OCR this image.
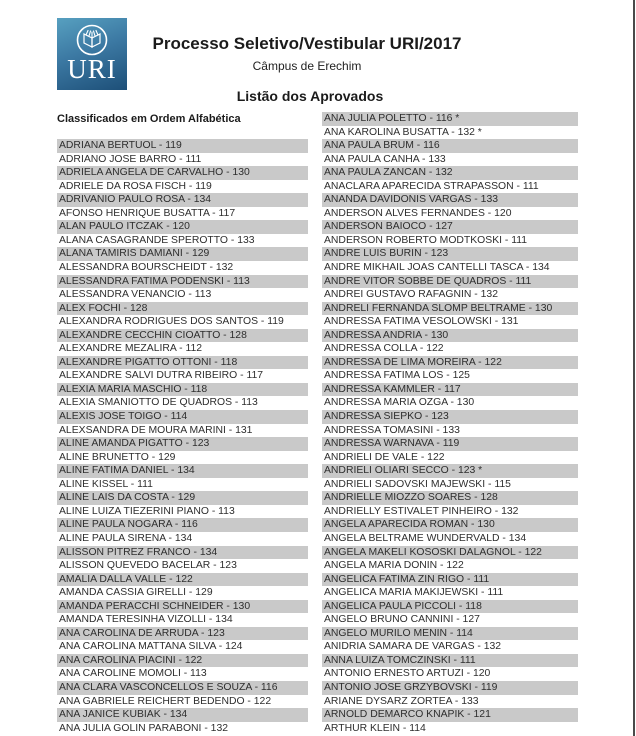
URI
Processo Seletivo/Vestibular URI/2017
Câmpus de Erechim
Listão dos Aprovados
Classificados em Ordem Alfabética
ADRIANA BERTUOL - 119
ADRIANO JOSE BARRO - 111
ADRIELA ANGELA DE CARVALHO - 130
ADRIELE DA ROSA FISCH - 119
ADRIVANIO PAULO ROSA - 134
AFONSO HENRIQUE BUSATTA - 117
ALAN PAULO ITCZAK - 120
ALANA CASAGRANDE SPEROTTO - 133
ALANA TAMIRIS DAMIANI - 129
ALESSANDRA BOURSCHEIDT - 132
ALESSANDRA FATIMA PODENSKI - 113
ALESSANDRA VENANCIO - 113
ALEX FOCHI - 128
ALEXANDRA RODRIGUES DOS SANTOS - 119
ALEXANDRE CECCHIN CIOATTO - 128
ALEXANDRE MEZALIRA - 112
ALEXANDRE PIGATTO OTTONI - 118
ALEXANDRE SALVI DUTRA RIBEIRO - 117
ALEXIA MARIA MASCHIO - 118
ALEXIA SMANIOTTO DE QUADROS - 113
ALEXIS JOSE TOIGO - 114
ALEXSANDRA DE MOURA MARINI - 131
ALINE AMANDA PIGATTO - 123
ALINE BRUNETTO - 129
ALINE FATIMA DANIEL - 134
ALINE KISSEL - 111
ALINE LAIS DA COSTA - 129
ALINE LUIZA TIEZERINI PIANO - 113
ALINE PAULA NOGARA - 116
ALINE PAULA SIRENA - 134
ALISSON PITREZ FRANCO - 134
ALISSON QUEVEDO BACELAR - 123
AMALIA DALLA VALLE - 122
AMANDA CASSIA GIRELLI - 129
AMANDA PERACCHI SCHNEIDER - 130
AMANDA TERESINHA VIZOLLI - 134
ANA CAROLINA DE ARRUDA - 123
ANA CAROLINA MATTANA SILVA - 124
ANA CAROLINA PIACINI - 122
ANA CAROLINE MOMOLI - 113
ANA CLARA VASCONCELLOS E SOUZA - 116
ANA GABRIELE REICHERT BEDENDO - 122
ANA JANICE KUBIAK - 134
ANA JULIA GOLIN PARABONI - 132
ANA JULIA POLETTO - 116 *
ANA KAROLINA BUSATTA - 132 *
ANA PAULA BRUM - 116
ANA PAULA CANHA - 133
ANA PAULA ZANCAN - 132
ANACLARA APARECIDA STRAPASSON - 111
ANANDA DAVIDONIS VARGAS - 133
ANDERSON ALVES FERNANDES - 120
ANDERSON BAIOCO - 127
ANDERSON ROBERTO MODTKOSKI - 111
ANDRE LUIS BURIN - 123
ANDRE MIKHAIL JOAS CANTELLI TASCA - 134
ANDRE VITOR SOBBE DE QUADROS - 111
ANDREI GUSTAVO RAFAGNIN - 132
ANDRELI FERNANDA SLOMP BELTRAME - 130
ANDRESSA FATIMA VESOLOWSKI - 131
ANDRESSA ANDRIA - 130
ANDRESSA COLLA - 122
ANDRESSA DE LIMA MOREIRA - 122
ANDRESSA FATIMA LOS - 125
ANDRESSA KAMMLER - 117
ANDRESSA MARIA OZGA - 130
ANDRESSA SIEPKO - 123
ANDRESSA TOMASINI - 133
ANDRESSA WARNAVA - 119
ANDRIELI DE VALE - 122
ANDRIELI OLIARI SECCO - 123 *
ANDRIELI SADOVSKI MAJEWSKI - 115
ANDRIELLE MIOZZO SOARES - 128
ANDRIELLY ESTIVALET PINHEIRO - 132
ANGELA APARECIDA ROMAN - 130
ANGELA BELTRAME WUNDERVALD - 134
ANGELA MAKELI KOSOSKI DALAGNOL - 122
ANGELA MARIA DONIN - 122
ANGELICA FATIMA ZIN RIGO - 111
ANGELICA MARIA MAKIJEWSKI - 111
ANGELICA PAULA PICCOLI - 118
ANGELO BRUNO CANNINI - 127
ANGELO MURILO MENIN - 114
ANIDRIA SAMARA DE VARGAS - 132
ANNA LUIZA TOMCZINSKI - 111
ANTONIO ERNESTO ARTUZI - 120
ANTONIO JOSE GRZYBOVSKI - 119
ARIANE DYSARZ ZORTEA - 133
ARNOLD DEMARCO KNAPIK - 121
ARTHUR KLEIN - 114
